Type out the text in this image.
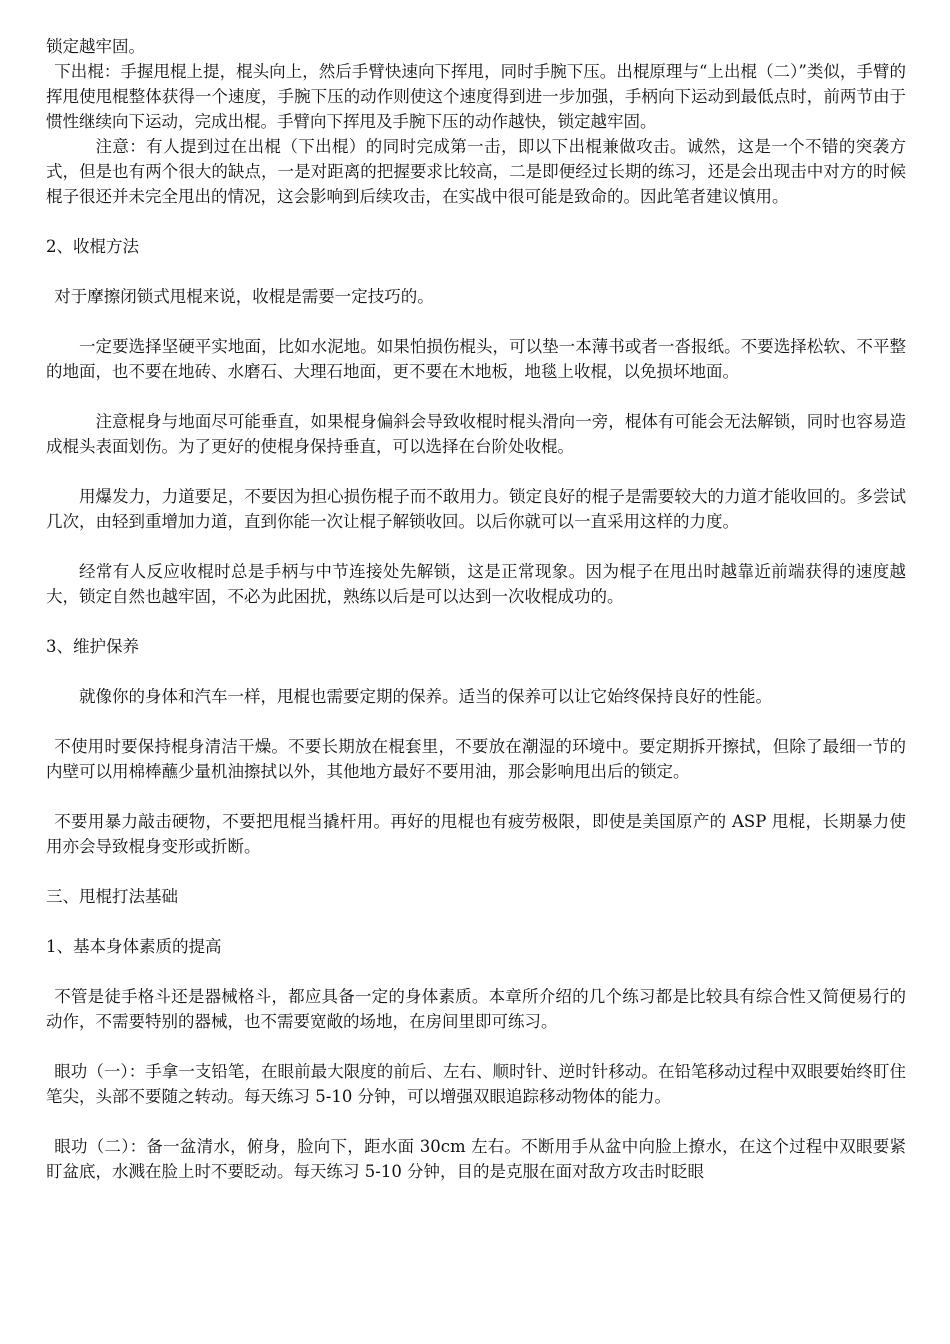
锁定越牢固。

下出棍：手握甩棍上提，棍头向上，然后手臂快速向下挥甩，同时手腕下压。出棍原理与“上出棍（二）”类似，手臂的挥甩使甩棍整体获得一个速度，手腕下压的动作则使这个速度得到进一步加强，手柄向下运动到最低点时，前两节由于惯性继续向下运动，完成出棍。手臂向下挥甩及手腕下压的动作越快，锁定越牢固。

注意：有人提到过在出棍（下出棍）的同时完成第一击，即以下出棍兼做攻击。诚然，这是一个不错的突袭方式，但是也有两个很大的缺点，一是对距离的把握要求比较高，二是即便经过长期的练习，还是会出现击中对方的时候棍子很还并未完全甩出的情况，这会影响到后续攻击，在实战中很可能是致命的。因此笔者建议慎用。

2、收棍方法

对于摩擦闭锁式甩棍来说，收棍是需要一定技巧的。

一定要选择坚硬平实地面，比如水泥地。如果怕损伤棍头，可以垫一本薄书或者一沓报纸。不要选择松软、不平整的地面，也不要在地砖、水磨石、大理石地面，更不要在木地板，地毯上收棍，以免损坏地面。

注意棍身与地面尽可能垂直，如果棍身偏斜会导致收棍时棍头滑向一旁，棍体有可能会无法解锁，同时也容易造成棍头表面划伤。为了更好的使棍身保持垂直，可以选择在台阶处收棍。

用爆发力，力道要足，不要因为担心损伤棍子而不敢用力。锁定良好的棍子是需要较大的力道才能收回的。多尝试几次，由轻到重增加力道，直到你能一次让棍子解锁收回。以后你就可以一直采用这样的力度。

经常有人反应收棍时总是手柄与中节连接处先解锁，这是正常现象。因为棍子在甩出时越靠近前端获得的速度越大，锁定自然也越牢固，不必为此困扰，熟练以后是可以达到一次收棍成功的。

3、维护保养

就像你的身体和汽车一样，甩棍也需要定期的保养。适当的保养可以让它始终保持良好的性能。

不使用时要保持棍身清洁干燥。不要长期放在棍套里，不要放在潮湿的环境中。要定期拆开擦拭，但除了最细一节的内壁可以用棉棒蘸少量机油擦拭以外，其他地方最好不要用油，那会影响甩出后的锁定。

不要用暴力敲击硬物，不要把甩棍当撬杆用。再好的甩棍也有疲劳极限，即使是美国原产的 ASP 甩棍，长期暴力使用亦会导致棍身变形或折断。

三、甩棍打法基础

1、基本身体素质的提高

不管是徒手格斗还是器械格斗，都应具备一定的身体素质。本章所介绍的几个练习都是比较具有综合性又简便易行的动作，不需要特别的器械，也不需要宽敞的场地，在房间里即可练习。

眼功（一）：手拿一支铅笔，在眼前最大限度的前后、左右、顺时针、逆时针移动。在铅笔移动过程中双眼要始终盯住笔尖，头部不要随之转动。每天练习 5-10 分钟，可以增强双眼追踪移动物体的能力。

眼功（二）：备一盆清水，俯身，脸向下，距水面 30cm 左右。不断用手从盆中向脸上撩水，在这个过程中双眼要紧盯盆底，水溅在脸上时不要眨动。每天练习 5-10 分钟，目的是克服在面对敌方攻击时眨眼
